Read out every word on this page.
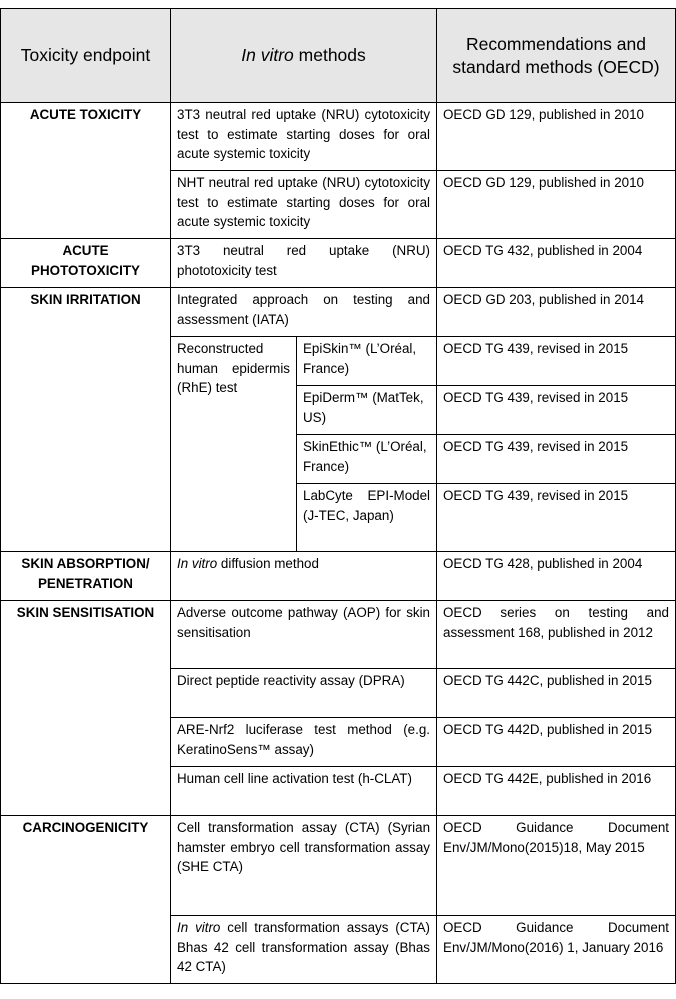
Toxicity endpoint	In vitro methods		Recommendations and standard methods (OECD)
ACUTE TOXICITY	3T3 neutral red uptake (NRU) cytotoxicity test to estimate starting doses for oral acute systemic toxicity		OECD GD 129, published in 2010
	NHT neutral red uptake (NRU) cytotoxicity test to estimate starting doses for oral acute systemic toxicity		OECD GD 129, published in 2010
ACUTE PHOTOTOXICITY	3T3 neutral red uptake (NRU) phototoxicity test		OECD TG 432, published in 2004
SKIN IRRITATION	Integrated approach on testing and assessment (IATA)		OECD GD 203, published in 2014
	Reconstructed human epidermis (RhE) test	EpiSkin™ (L’Oréal, France)	OECD TG 439, revised in 2015
		EpiDerm™ (MatTek, US)	OECD TG 439, revised in 2015
		SkinEthic™ (L’Oréal, France)	OECD TG 439, revised in 2015
		LabCyte EPI-Model (J-TEC, Japan)	OECD TG 439, revised in 2015
SKIN ABSORPTION/ PENETRATION	In vitro diffusion method		OECD TG 428, published in 2004
SKIN SENSITISATION	Adverse outcome pathway (AOP) for skin sensitisation		OECD series on testing and assessment 168, published in 2012
	Direct peptide reactivity assay (DPRA)		OECD TG 442C, published in 2015
	ARE-Nrf2 luciferase test method (e.g. KeratinoSens™ assay)		OECD TG 442D, published in 2015
	Human cell line activation test (h-CLAT)		OECD TG 442E, published in 2016
CARCINOGENICITY	Cell transformation assay (CTA) (Syrian hamster embryo cell transformation assay (SHE CTA)		OECD Guidance Document Env/JM/Mono(2015)18, May 2015
	In vitro cell transformation assays (CTA) Bhas 42 cell transformation assay (Bhas 42 CTA)		OECD Guidance Document Env/JM/Mono(2016) 1, January 2016
